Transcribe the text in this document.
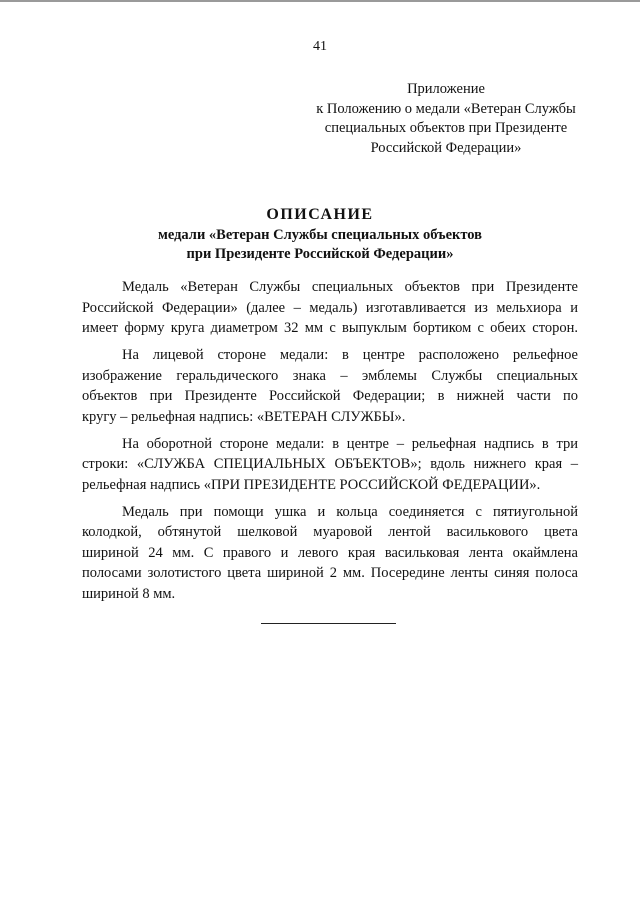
41
Приложение
к Положению о медали «Ветеран Службы
специальных объектов при Президенте
Российской Федерации»
ОПИСАНИЕ
медали «Ветеран Службы специальных объектов
при Президенте Российской Федерации»
Медаль «Ветеран Службы специальных объектов при Президенте
Российской Федерации» (далее – медаль) изготавливается из мельхиора и
имеет форму круга диаметром 32 мм с выпуклым бортиком с обеих сторон.
На лицевой стороне медали: в центре расположено рельефное
изображение геральдического знака – эмблемы Службы специальных
объектов при Президенте Российской Федерации; в нижней части по
кругу – рельефная надпись: «ВЕТЕРАН СЛУЖБЫ».
На оборотной стороне медали: в центре – рельефная надпись в три
строки: «СЛУЖБА СПЕЦИАЛЬНЫХ ОБЪЕКТОВ»; вдоль нижнего края –
рельефная надпись «ПРИ ПРЕЗИДЕНТЕ РОССИЙСКОЙ ФЕДЕРАЦИИ».
Медаль при помощи ушка и кольца соединяется с пятиугольной
колодкой, обтянутой шелковой муаровой лентой василькового цвета
шириной 24 мм. С правого и левого края васильковая лента окаймлена
полосами золотистого цвета шириной 2 мм. Посередине ленты синяя полоса
шириной 8 мм.
